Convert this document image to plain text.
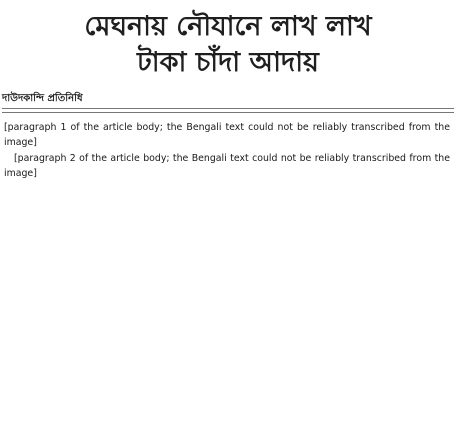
মেঘনায় নৌযানে লাখ লাখ
টাকা চাঁদা আদায়
দাউদকান্দি প্রতিনিধি

[paragraph 1 of the article body; the Bengali text could not be reliably transcribed from the image]

[paragraph 2 of the article body; the Bengali text could not be reliably transcribed from the image]
